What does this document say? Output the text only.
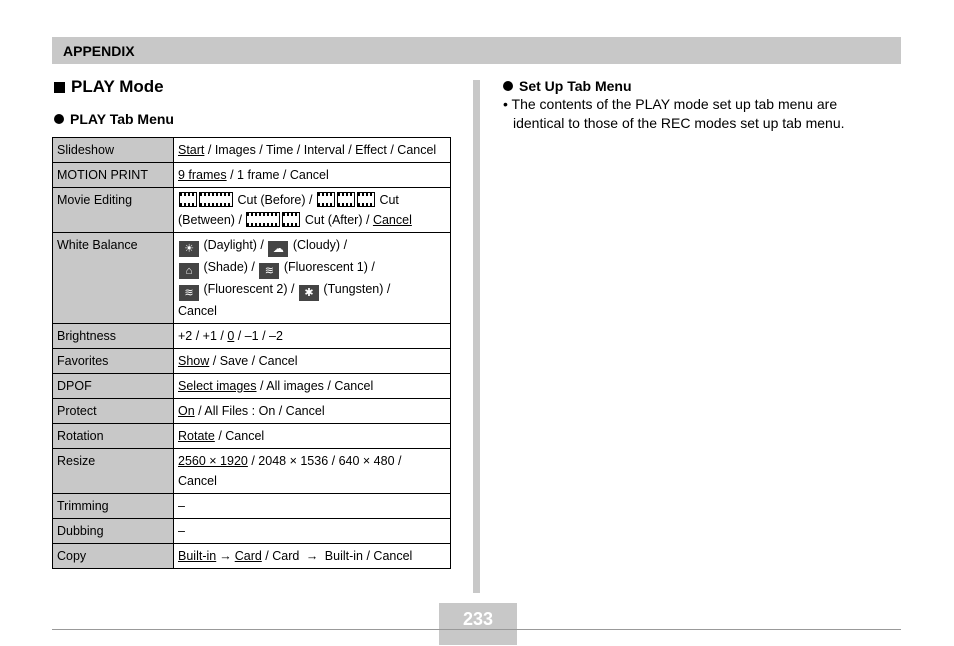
APPENDIX
PLAY Mode
PLAY Tab Menu
Slideshow	Start / Images / Time / Interval / Effect / Cancel
MOTION PRINT	9 frames / 1 frame / Cancel
Movie Editing	Cut (Before) / Cut
(Between) / Cut (After) / Cancel
White Balance	☀ (Daylight) / ☁ (Cloudy) /
⌂ (Shade) / ≋ (Fluorescent 1) /
≋ (Fluorescent 2) / ✱ (Tungsten) /
Cancel
Brightness	+2 / +1 / 0 / –1 / –2
Favorites	Show / Save / Cancel
DPOF	Select images / All images / Cancel
Protect	On / All Files : On / Cancel
Rotation	Rotate / Cancel
Resize	2560 × 1920 / 2048 × 1536 / 640 × 480 /
Cancel
Trimming	–
Dubbing	–
Copy	Built-in → Card / Card → Built-in / Cancel
Set Up Tab Menu
• The contents of the PLAY mode set up tab menu are
identical to those of the REC modes set up tab menu.
233
